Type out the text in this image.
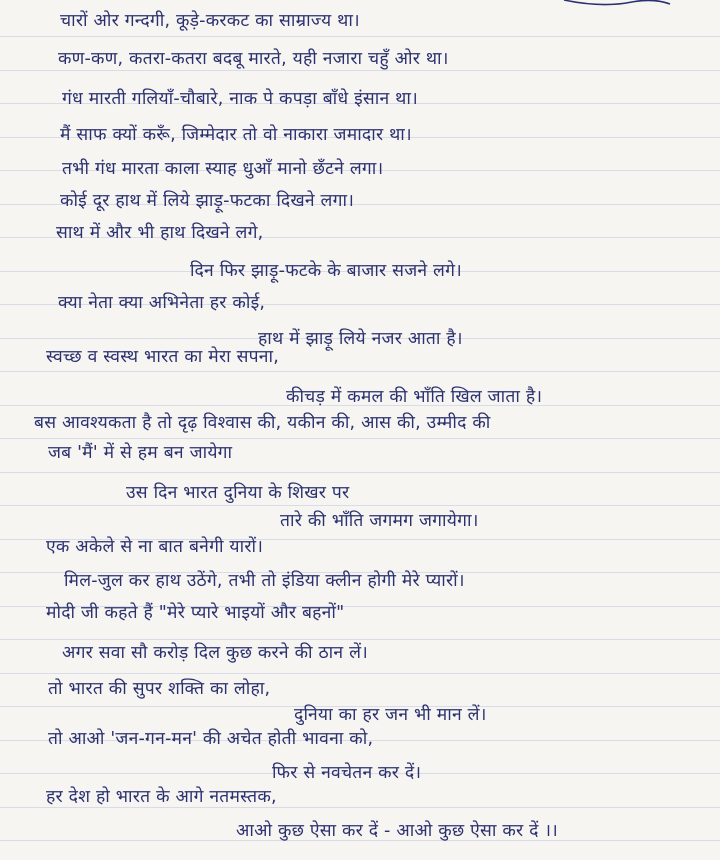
चारों ओर गन्दगी, कूड़े-करकट का साम्राज्य था।
कण-कण, कतरा-कतरा बदबू मारते, यही नजारा चहुँ ओर था।
गंध मारती गलियाँ-चौबारे, नाक पे कपड़ा बाँधे इंसान था।
मैं साफ क्यों करूँ, जिम्मेदार तो वो नाकारा जमादार था।
तभी गंध मारता काला स्याह धुआँ मानो छँटने लगा।
कोई दूर हाथ में लिये झाड़ू-फटका दिखने लगा।
साथ में और भी हाथ दिखने लगे,
दिन फिर झाड़ू-फटके के बाजार सजने लगे।
क्या नेता क्या अभिनेता हर कोई,
हाथ में झाड़ू लिये नजर आता है।
स्वच्छ व स्वस्थ भारत का मेरा सपना,
कीचड़ में कमल की भाँति खिल जाता है।
बस आवश्यकता है तो दृढ़ विश्वास की, यकीन की, आस की, उम्मीद की
जब 'मैं' में से हम बन जायेगा
उस दिन भारत दुनिया के शिखर पर
तारे की भाँति जगमग जगायेगा।
एक अकेले से ना बात बनेगी यारों।
मिल-जुल कर हाथ उठेंगे, तभी तो इंडिया क्लीन होगी मेरे प्यारों।
मोदी जी कहते हैं "मेरे प्यारे भाइयों और बहनों"
अगर सवा सौ करोड़ दिल कुछ करने की ठान लें।
तो भारत की सुपर शक्ति का लोहा,
दुनिया का हर जन भी मान लें।
तो आओ 'जन-गन-मन' की अचेत होती भावना को,
फिर से नवचेतन कर दें।
हर देश हो भारत के आगे नतमस्तक,
आओ कुछ ऐसा कर दें - आओ कुछ ऐसा कर दें ।।
